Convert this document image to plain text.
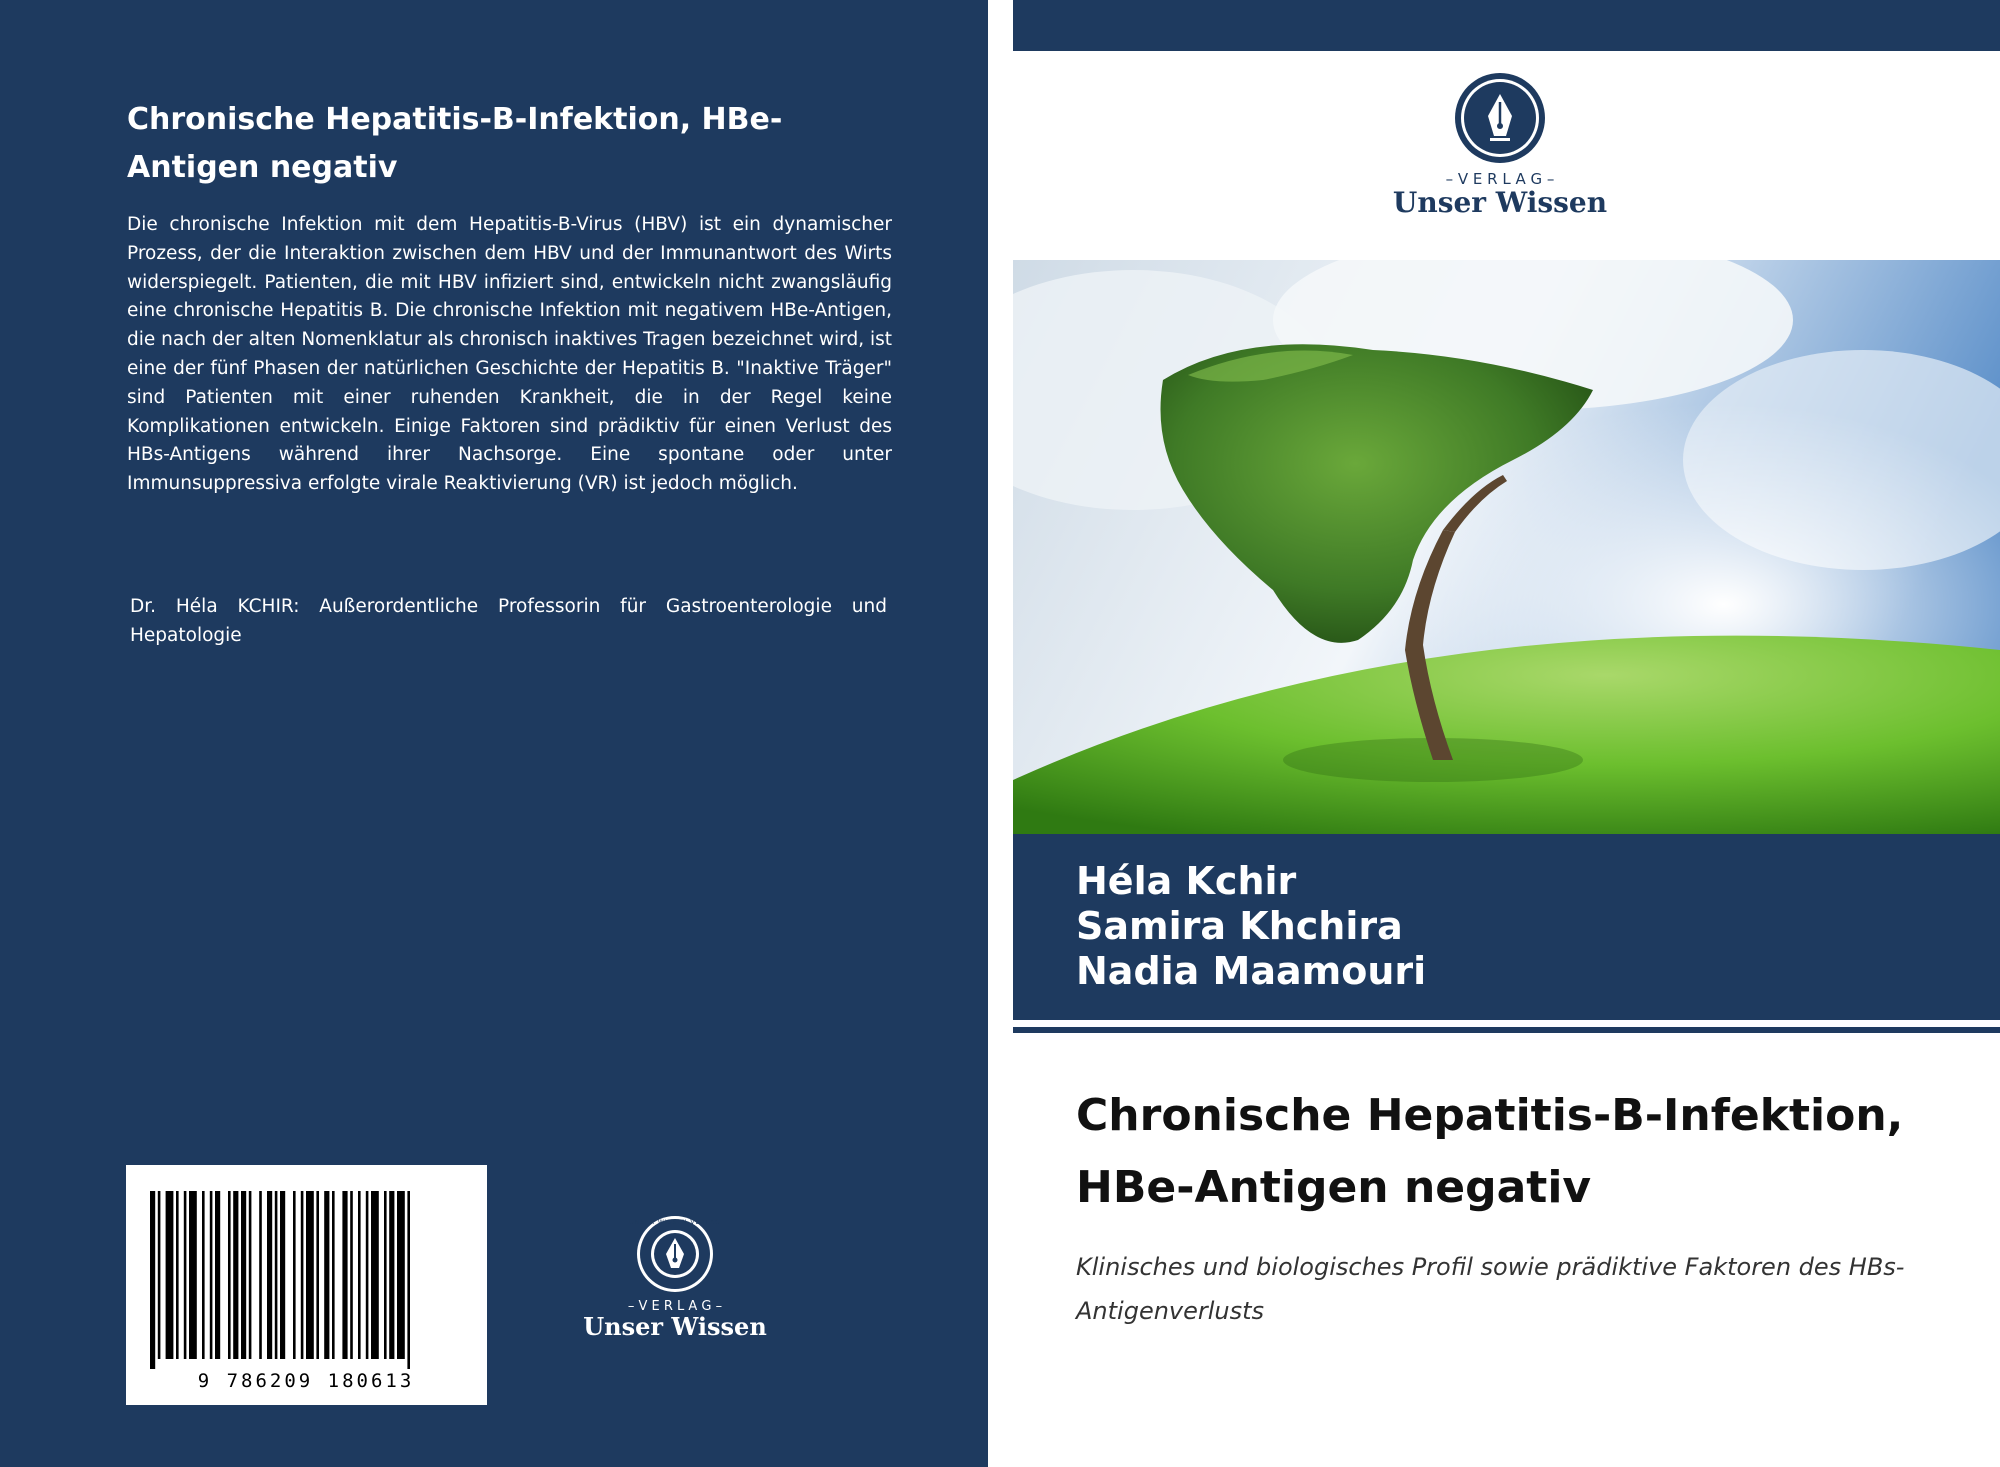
Chronische Hepatitis-B-Infektion, HBe-Antigen negativ

Die chronische Infektion mit dem Hepatitis-B-Virus (HBV) ist ein dynamischer Prozess, der die Interaktion zwischen dem HBV und der Immunantwort des Wirts widerspiegelt. Patienten, die mit HBV infiziert sind, entwickeln nicht zwangsläufig eine chronische Hepatitis B. Die chronische Infektion mit negativem HBe-Antigen, die nach der alten Nomenklatur als chronisch inaktives Tragen bezeichnet wird, ist eine der fünf Phasen der natürlichen Geschichte der Hepatitis B. "Inaktive Träger" sind Patienten mit einer ruhenden Krankheit, die in der Regel keine Komplikationen entwickeln. Einige Faktoren sind prädiktiv für einen Verlust des HBs-Antigens während ihrer Nachsorge. Eine spontane oder unter Immunsuppressiva erfolgte virale Reaktivierung (VR) ist jedoch möglich.

Dr. Héla KCHIR: Außerordentliche Professorin für Gastroenterologie und Hepatologie

9 786209 180613
UNSER WISSEN VERLAG
– V E R L A G –
Unser Wissen
– V E R L A G –
Unser Wissen
Héla Kchir
Samira Khchira
Nadia Maamouri
Chronische Hepatitis-B-Infektion, HBe-Antigen negativ

Klinisches und biologisches Profil sowie prädiktive Faktoren des HBs-Antigenverlusts
